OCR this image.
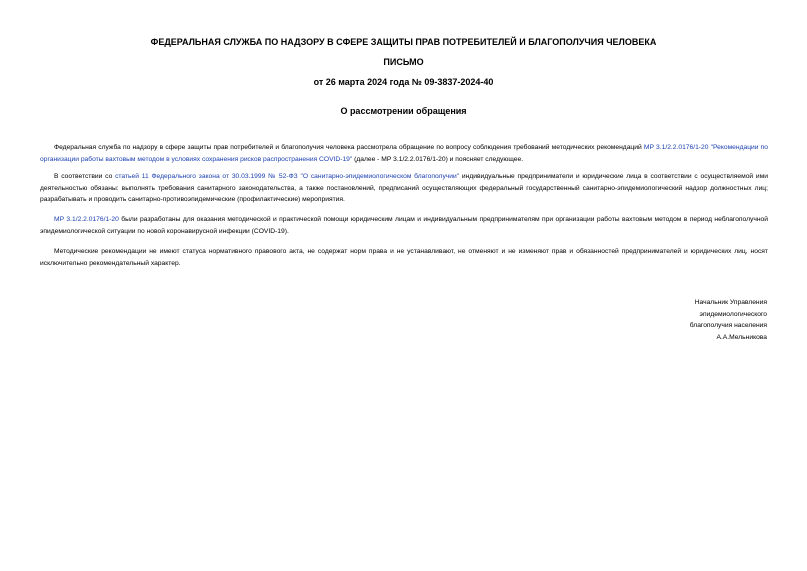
ФЕДЕРАЛЬНАЯ СЛУЖБА ПО НАДЗОРУ В СФЕРЕ ЗАЩИТЫ ПРАВ ПОТРЕБИТЕЛЕЙ И БЛАГОПОЛУЧИЯ ЧЕЛОВЕКА
ПИСЬМО
от 26 марта 2024 года № 09-3837-2024-40
О рассмотрении обращения

Федеральная служба по надзору в сфере защиты прав потребителей и благополучия человека рассмотрела обращение по вопросу соблюдения требований методических рекомендаций МР 3.1/2.2.0176/1-20 "Рекомендации по организации работы вахтовым методом в условиях сохранения рисков распространения COVID-19" (далее - МР 3.1/2.2.0176/1-20) и поясняет следующее.

В соответствии со статьей 11 Федерального закона от 30.03.1999 № 52-ФЗ "О санитарно-эпидемиологическом благополучии" индивидуальные предприниматели и юридические лица в соответствии с осуществляемой ими деятельностью обязаны: выполнять требования санитарного законодательства, а также постановлений, предписаний осуществляющих федеральный государственный санитарно-эпидемиологический надзор должностных лиц; разрабатывать и проводить санитарно-противоэпидемические (профилактические) мероприятия.

МР 3.1/2.2.0176/1-20 были разработаны для оказания методической и практической помощи юридическим лицам и индивидуальным предпринимателям при организации работы вахтовым методом в период неблагополучной эпидемиологической ситуации по новой коронавирусной инфекции (COVID-19).

Методические рекомендации не имеют статуса нормативного правового акта, не содержат норм права и не устанавливают, не отменяют и не изменяют прав и обязанностей предпринимателей и юридических лиц, носят исключительно рекомендательный характер.

Начальник Управления
эпидемиологического
благополучия населения
А.А.Мельникова
